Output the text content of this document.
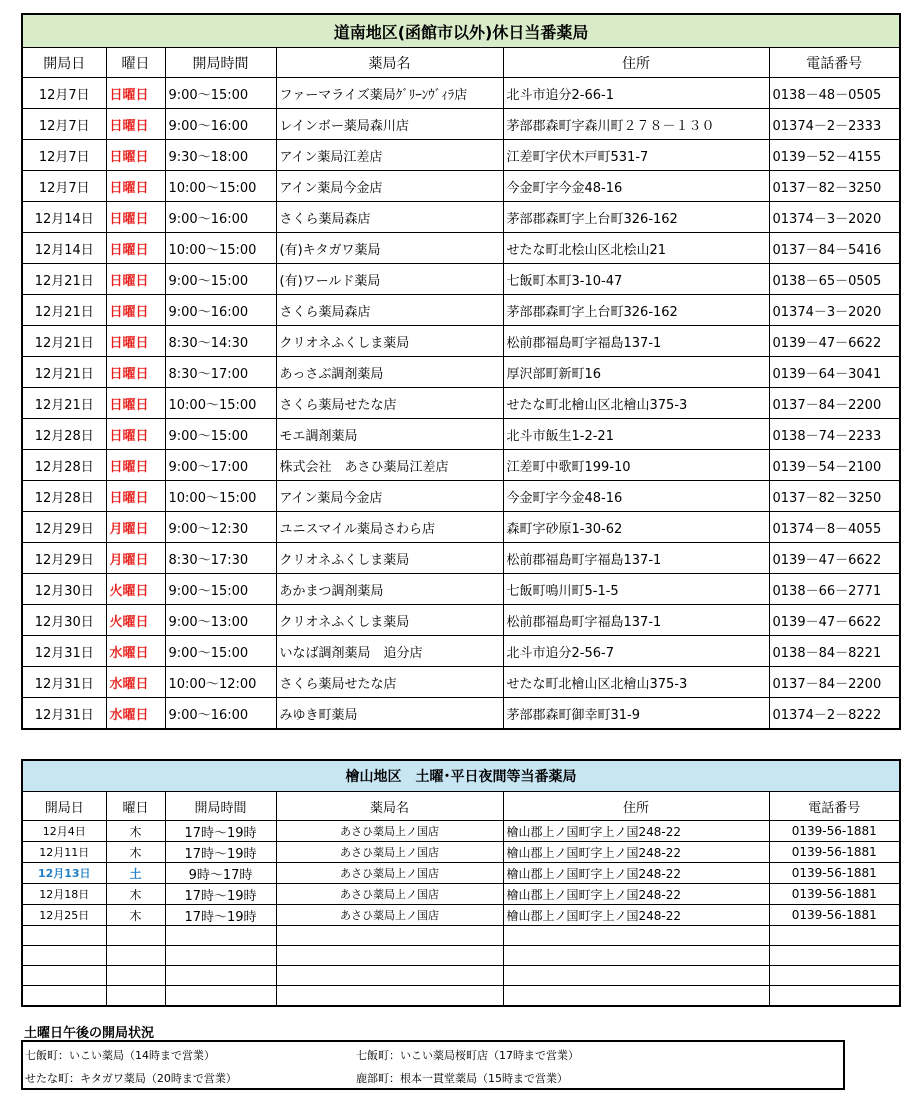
道南地区(函館市以外)休日当番薬局					
開局日	曜日	開局時間	薬局名	住所	電話番号
12月7日	日曜日	9:00～15:00	ファーマライズ薬局ｸﾞﾘｰﾝｳﾞｨﾗ店	北斗市追分2-66-1	0138－48－0505
12月7日	日曜日	9:00～16:00	レインボー薬局森川店	茅部郡森町字森川町２７８－１３０	01374－2－2333
12月7日	日曜日	9:30～18:00	アイン薬局江差店	江差町字伏木戸町531-7	0139－52－4155
12月7日	日曜日	10:00～15:00	アイン薬局今金店	今金町字今金48-16	0137－82－3250
12月14日	日曜日	9:00～16:00	さくら薬局森店	茅部郡森町字上台町326-162	01374－3－2020
12月14日	日曜日	10:00～15:00	(有)キタガワ薬局	せたな町北桧山区北桧山21	0137－84－5416
12月21日	日曜日	9:00～15:00	(有)ワールド薬局	七飯町本町3-10-47	0138－65－0505
12月21日	日曜日	9:00～16:00	さくら薬局森店	茅部郡森町字上台町326-162	01374－3－2020
12月21日	日曜日	8:30～14:30	クリオネふくしま薬局	松前郡福島町字福島137-1	0139－47－6622
12月21日	日曜日	8:30～17:00	あっさぶ調剤薬局	厚沢部町新町16	0139－64－3041
12月21日	日曜日	10:00～15:00	さくら薬局せたな店	せたな町北檜山区北檜山375-3	0137－84－2200
12月28日	日曜日	9:00～15:00	モエ調剤薬局	北斗市飯生1-2-21	0138－74－2233
12月28日	日曜日	9:00～17:00	株式会社　あさひ薬局江差店	江差町中歌町199-10	0139－54－2100
12月28日	日曜日	10:00～15:00	アイン薬局今金店	今金町字今金48-16	0137－82－3250
12月29日	月曜日	9:00～12:30	ユニスマイル薬局さわら店	森町字砂原1-30-62	01374－8－4055
12月29日	月曜日	8:30～17:30	クリオネふくしま薬局	松前郡福島町字福島137-1	0139－47－6622
12月30日	火曜日	9:00～15:00	あかまつ調剤薬局	七飯町鳴川町5-1-5	0138－66－2771
12月30日	火曜日	9:00～13:00	クリオネふくしま薬局	松前郡福島町字福島137-1	0139－47－6622
12月31日	水曜日	9:00～15:00	いなば調剤薬局　追分店	北斗市追分2-56-7	0138－84－8221
12月31日	水曜日	10:00～12:00	さくら薬局せたな店	せたな町北檜山区北檜山375-3	0137－84－2200
12月31日	水曜日	9:00～16:00	みゆき町薬局	茅部郡森町御幸町31-9	01374－2－8222
檜山地区　土曜･平日夜間等当番薬局					
開局日	曜日	開局時間	薬局名	住所	電話番号
12月4日	木	17時～19時	あさひ薬局上ノ国店	檜山郡上ノ国町字上ノ国248-22	0139-56-1881
12月11日	木	17時～19時	あさひ薬局上ノ国店	檜山郡上ノ国町字上ノ国248-22	0139-56-1881
12月13日	土	9時～17時	あさひ薬局上ノ国店	檜山郡上ノ国町字上ノ国248-22	0139-56-1881
12月18日	木	17時～19時	あさひ薬局上ノ国店	檜山郡上ノ国町字上ノ国248-22	0139-56-1881
12月25日	木	17時～19時	あさひ薬局上ノ国店	檜山郡上ノ国町字上ノ国248-22	0139-56-1881

土曜日午後の開局状況
七飯町：いこい薬局（14時まで営業）	七飯町：いこい薬局桜町店（17時まで営業）
せたな町：キタガワ薬局（20時まで営業）	鹿部町：根本一貫堂薬局（15時まで営業）
